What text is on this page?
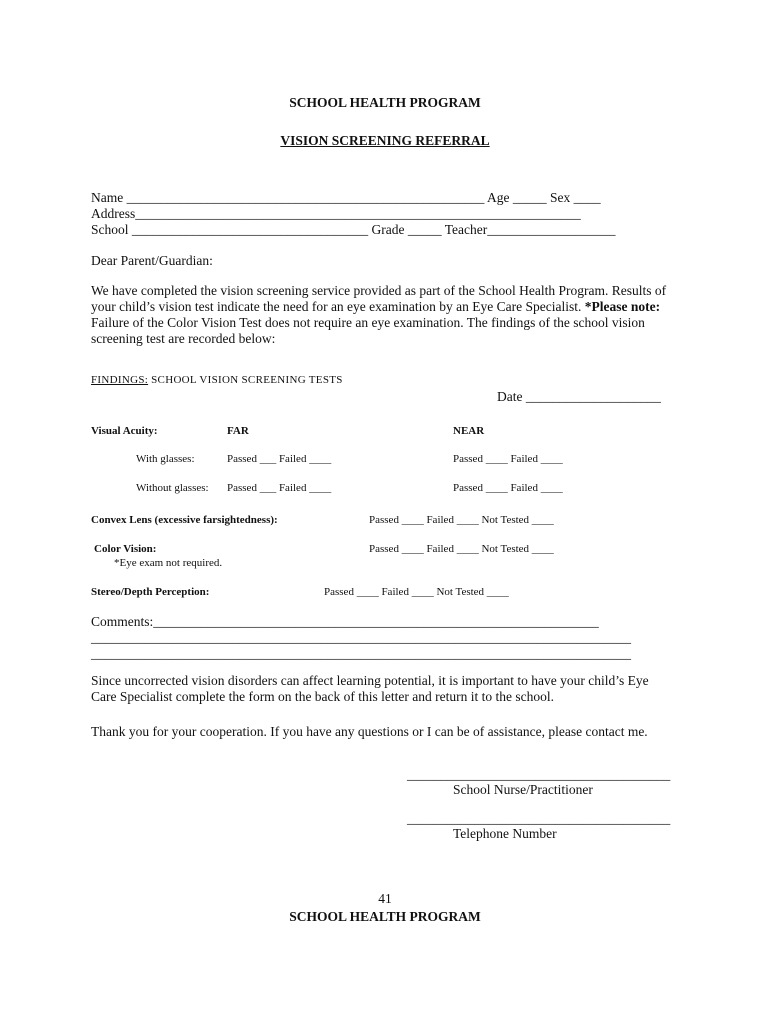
SCHOOL HEALTH PROGRAM
VISION SCREENING REFERRAL
Name _____________________________________________________ Age _____ Sex ____
Address__________________________________________________________________
School ___________________________________ Grade _____ Teacher___________________
Dear Parent/Guardian:
We have completed the vision screening service provided as part of the School Health Program. Results of your child’s vision test indicate the need for an eye examination by an Eye Care Specialist. *Please note: Failure of the Color Vision Test does not require an eye examination. The findings of the school vision screening test are recorded below:
FINDINGS: SCHOOL VISION SCREENING TESTS
Date ____________________
Visual Acuity:	FAR	NEAR
With glasses:	Passed ___ Failed ____	Passed ____ Failed ____
Without glasses: Passed ___ Failed ____	Passed ____ Failed ____
Convex Lens (excessive farsightedness):	Passed ____ Failed ____ Not Tested ____
Color Vision:	Passed ____ Failed ____ Not Tested ____
*Eye exam not required.
Stereo/Depth Perception:	Passed ____ Failed ____ Not Tested ____
Comments:__________________________________________________________________
________________________________________________________________________________
________________________________________________________________________________
Since uncorrected vision disorders can affect learning potential, it is important to have your child’s Eye Care Specialist complete the form on the back of this letter and return it to the school.
Thank you for your cooperation. If you have any questions or I can be of assistance, please contact me.
_______________________________________
School Nurse/Practitioner
_______________________________________
Telephone Number
41
SCHOOL HEALTH PROGRAM
